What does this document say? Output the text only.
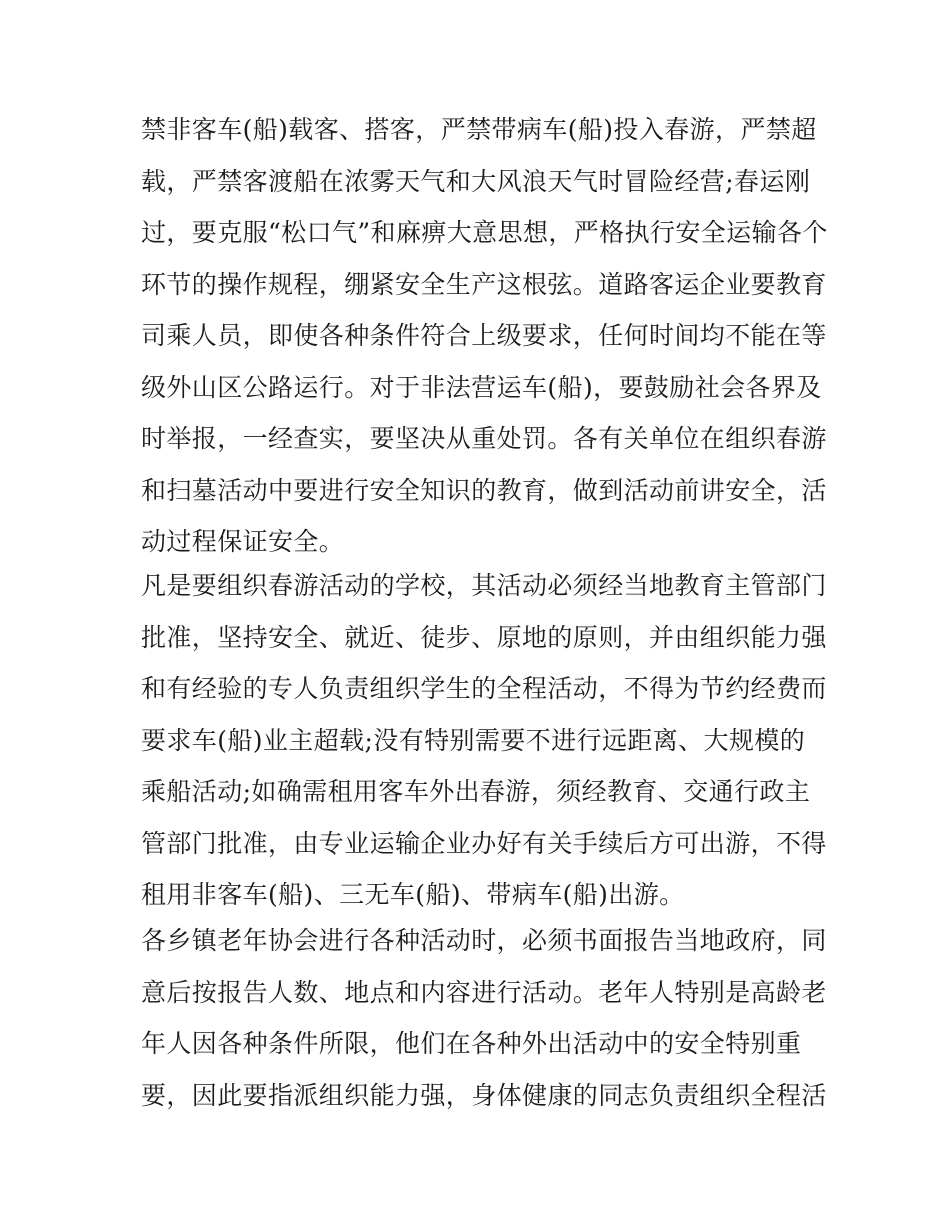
禁非客车(船)载客、搭客，严禁带病车(船)投入春游，严禁超
载，严禁客渡船在浓雾天气和大风浪天气时冒险经营;春运刚
过，要克服“松口气”和麻痹大意思想，严格执行安全运输各个
环节的操作规程，绷紧安全生产这根弦。道路客运企业要教育
司乘人员，即使各种条件符合上级要求，任何时间均不能在等
级外山区公路运行。对于非法营运车(船)，要鼓励社会各界及
时举报，一经查实，要坚决从重处罚。各有关单位在组织春游
和扫墓活动中要进行安全知识的教育，做到活动前讲安全，活
动过程保证安全。
凡是要组织春游活动的学校，其活动必须经当地教育主管部门
批准，坚持安全、就近、徒步、原地的原则，并由组织能力强
和有经验的专人负责组织学生的全程活动，不得为节约经费而
要求车(船)业主超载;没有特别需要不进行远距离、大规模的
乘船活动;如确需租用客车外出春游，须经教育、交通行政主
管部门批准，由专业运输企业办好有关手续后方可出游，不得
租用非客车(船)、三无车(船)、带病车(船)出游。
各乡镇老年协会进行各种活动时，必须书面报告当地政府，同
意后按报告人数、地点和内容进行活动。老年人特别是高龄老
年人因各种条件所限，他们在各种外出活动中的安全特别重
要，因此要指派组织能力强，身体健康的同志负责组织全程活
